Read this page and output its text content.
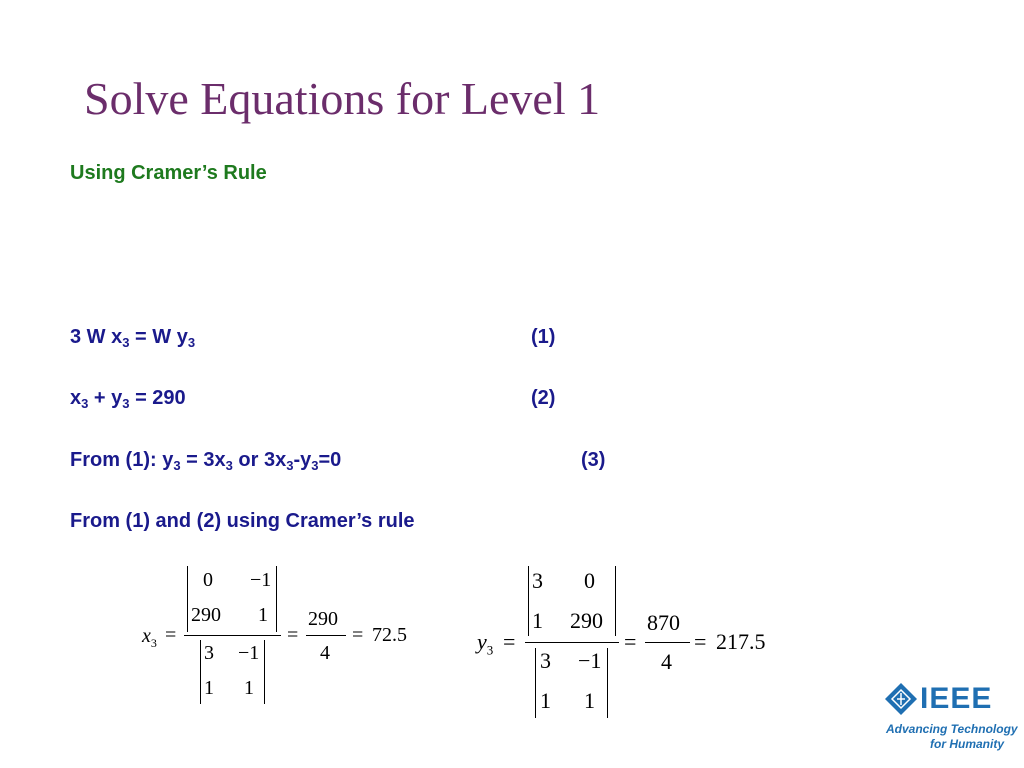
Solve Equations for Level 1
Using Cramer’s Rule
3 W $x_3 = W$ $y_3$	(1)
$x_3 + y_3 = 290$	(2)
From (1): $y_3 = 3x_3$ or $3x_3-y_3=0$	(3)
From (1) and (2) using Cramer’s rule
$x_3$ =
0 −1
290 1
3 −1
1 1
=
290
4
= 72.5	$y_3$ =
3 0
1 290
3 −1
1 1
=
870
4
= 217.5
IEEE
Advancing Technology
for Humanity
